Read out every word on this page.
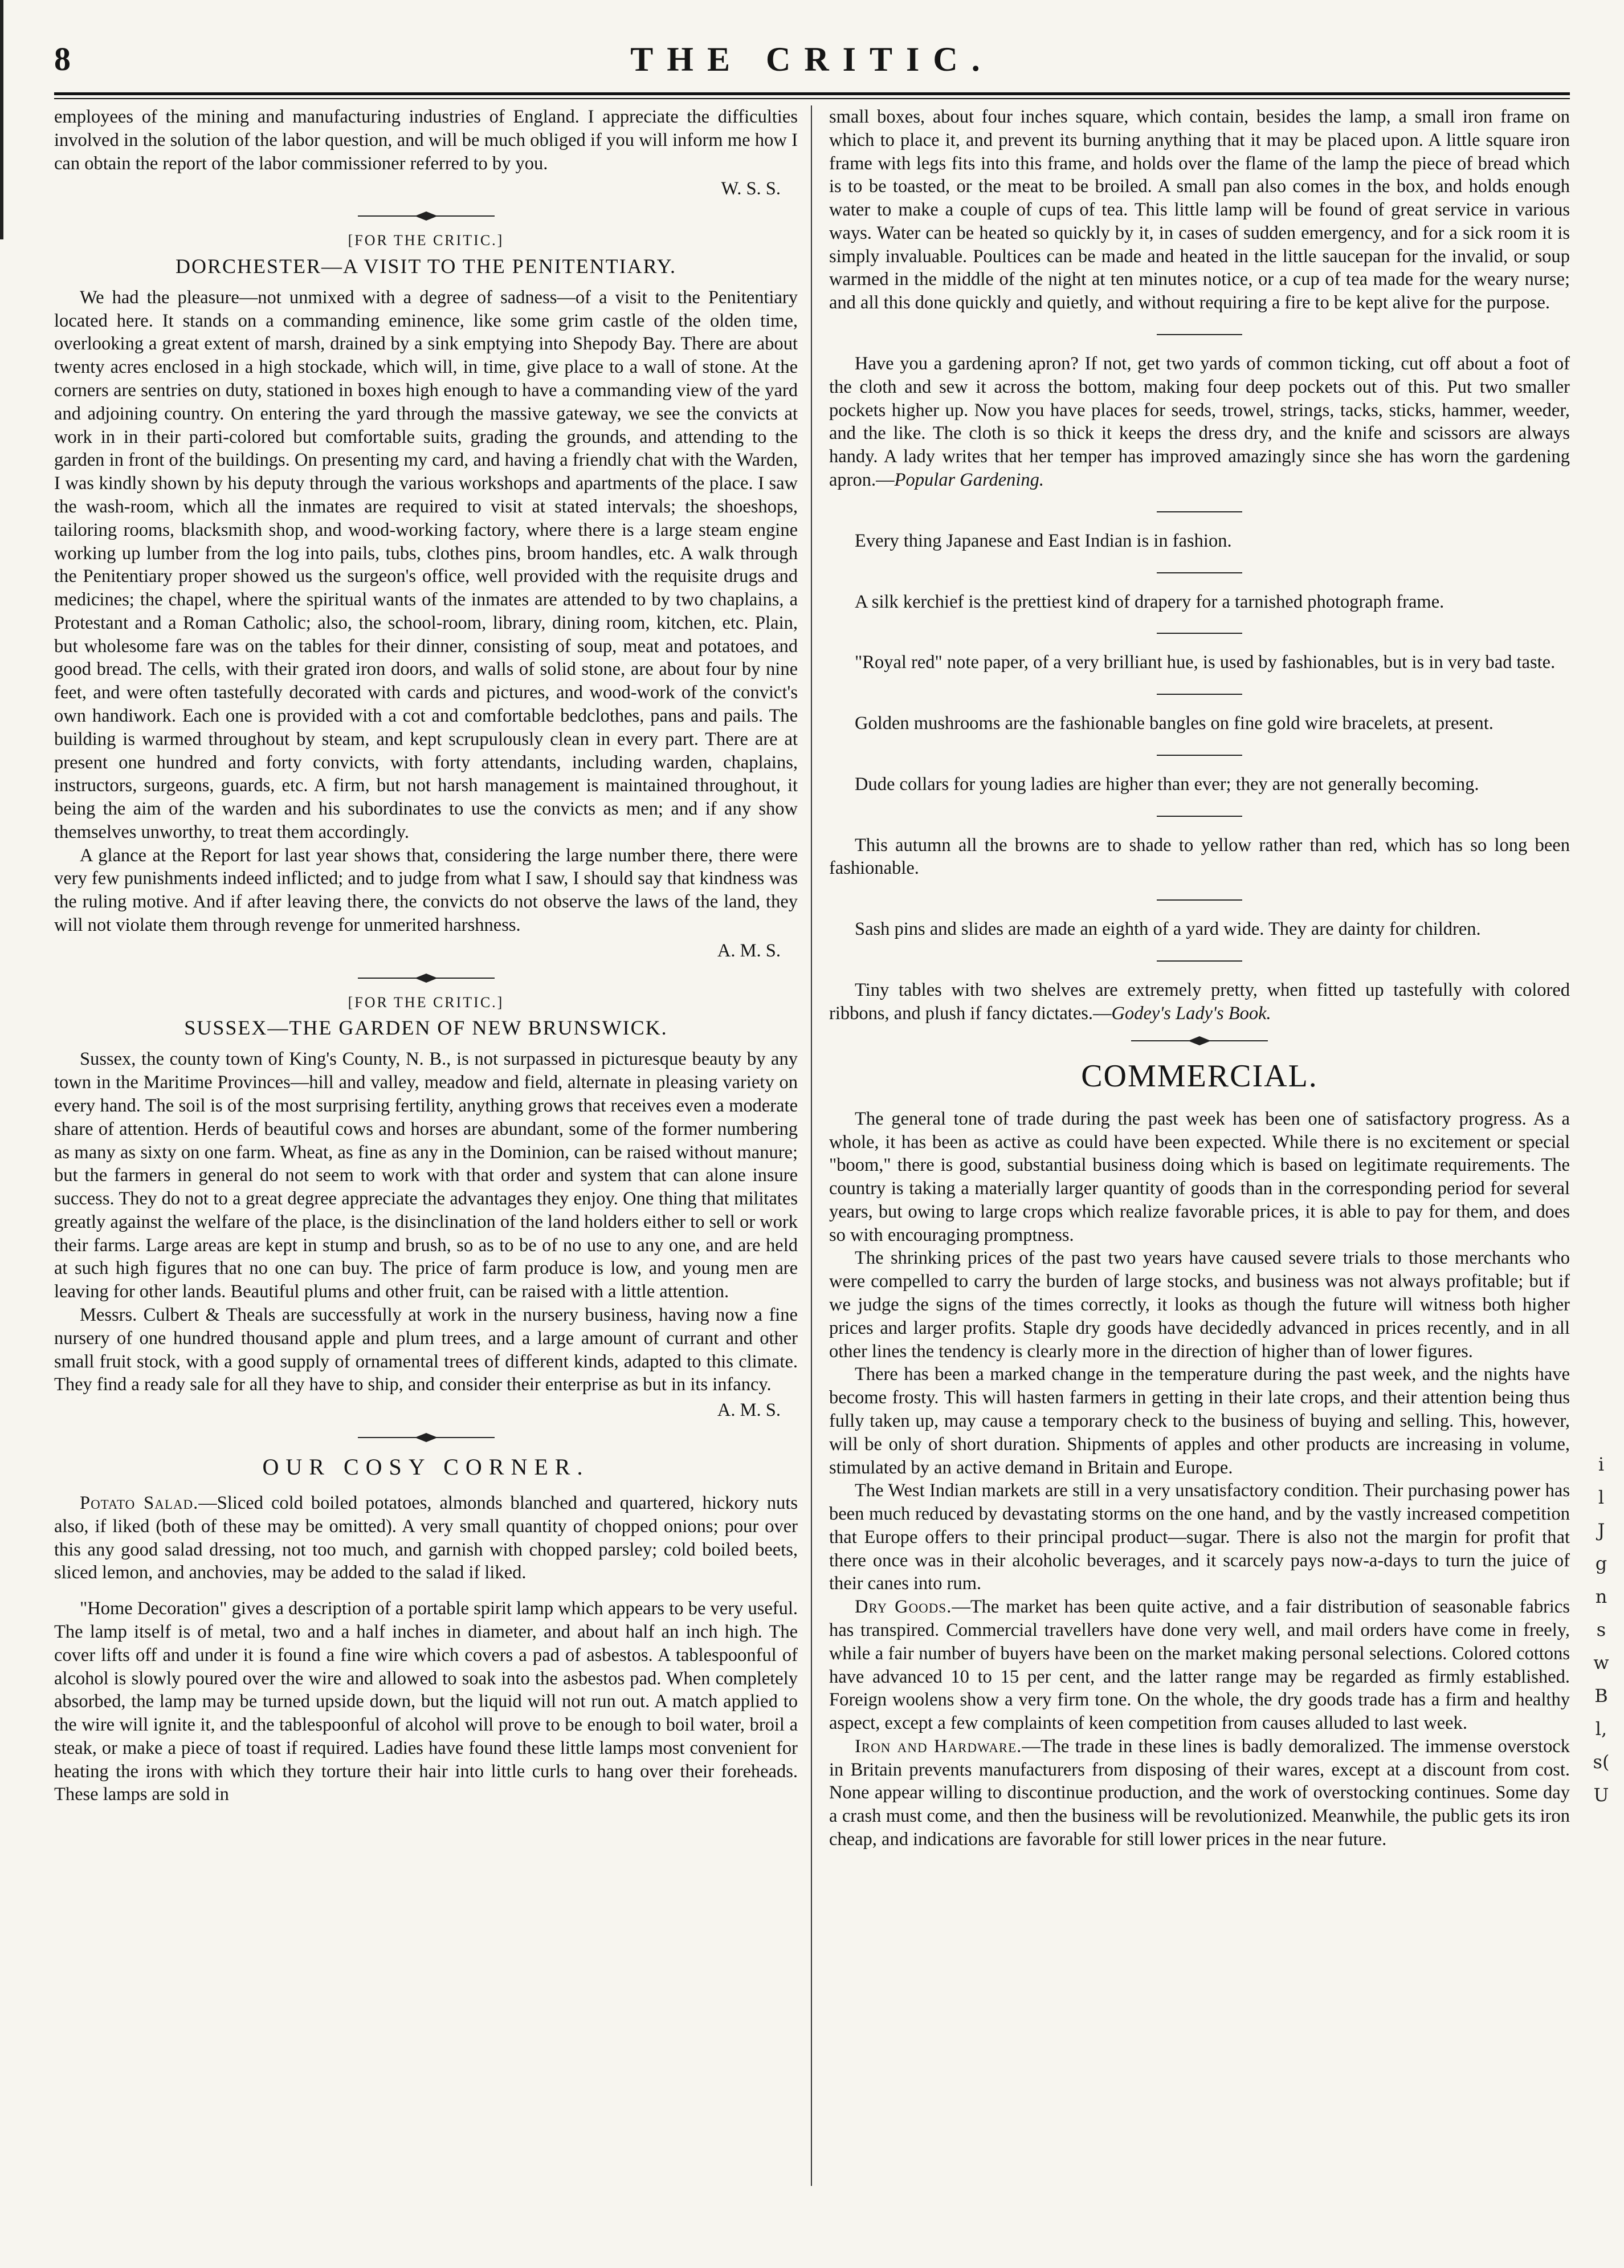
8	THE CRITIC.

employees of the mining and manufacturing industries of England. I appreciate the difficulties involved in the solution of the labor question, and will be much obliged if you will inform me how I can obtain the report of the labor commissioner referred to by you.

W. S. S.
[FOR THE CRITIC.]
DORCHESTER—A VISIT TO THE PENITENTIARY.

We had the pleasure—not unmixed with a degree of sadness—of a visit to the Penitentiary located here. It stands on a commanding eminence, like some grim castle of the olden time, overlooking a great extent of marsh, drained by a sink emptying into Shepody Bay. There are about twenty acres enclosed in a high stockade, which will, in time, give place to a wall of stone. At the corners are sentries on duty, stationed in boxes high enough to have a commanding view of the yard and adjoining country. On entering the yard through the massive gateway, we see the convicts at work in in their parti-colored but comfortable suits, grading the grounds, and attending to the garden in front of the buildings. On presenting my card, and having a friendly chat with the Warden, I was kindly shown by his deputy through the various workshops and apartments of the place. I saw the wash-room, which all the inmates are required to visit at stated intervals; the shoeshops, tailoring rooms, blacksmith shop, and wood-working factory, where there is a large steam engine working up lumber from the log into pails, tubs, clothes pins, broom handles, etc. A walk through the Penitentiary proper showed us the surgeon's office, well provided with the requisite drugs and medicines; the chapel, where the spiritual wants of the inmates are attended to by two chaplains, a Protestant and a Roman Catholic; also, the school-room, library, dining room, kitchen, etc. Plain, but wholesome fare was on the tables for their dinner, consisting of soup, meat and potatoes, and good bread. The cells, with their grated iron doors, and walls of solid stone, are about four by nine feet, and were often tastefully decorated with cards and pictures, and wood-work of the convict's own handiwork. Each one is provided with a cot and comfortable bedclothes, pans and pails. The building is warmed throughout by steam, and kept scrupulously clean in every part. There are at present one hundred and forty convicts, with forty attendants, including warden, chaplains, instructors, surgeons, guards, etc. A firm, but not harsh management is maintained throughout, it being the aim of the warden and his subordinates to use the convicts as men; and if any show themselves unworthy, to treat them accordingly.

A glance at the Report for last year shows that, considering the large number there, there were very few punishments indeed inflicted; and to judge from what I saw, I should say that kindness was the ruling motive. And if after leaving there, the convicts do not observe the laws of the land, they will not violate them through revenge for unmerited harshness.

A. M. S.
[FOR THE CRITIC.]
SUSSEX—THE GARDEN OF NEW BRUNSWICK.

Sussex, the county town of King's County, N. B., is not surpassed in picturesque beauty by any town in the Maritime Provinces—hill and valley, meadow and field, alternate in pleasing variety on every hand. The soil is of the most surprising fertility, anything grows that receives even a moderate share of attention. Herds of beautiful cows and horses are abundant, some of the former numbering as many as sixty on one farm. Wheat, as fine as any in the Dominion, can be raised without manure; but the farmers in general do not seem to work with that order and system that can alone insure success. They do not to a great degree appreciate the advantages they enjoy. One thing that militates greatly against the welfare of the place, is the disinclination of the land holders either to sell or work their farms. Large areas are kept in stump and brush, so as to be of no use to any one, and are held at such high figures that no one can buy. The price of farm produce is low, and young men are leaving for other lands. Beautiful plums and other fruit, can be raised with a little attention.

Messrs. Culbert & Theals are successfully at work in the nursery business, having now a fine nursery of one hundred thousand apple and plum trees, and a large amount of currant and other small fruit stock, with a good supply of ornamental trees of different kinds, adapted to this climate. They find a ready sale for all they have to ship, and consider their enterprise as but in its infancy.

A. M. S.
OUR COSY CORNER.

Potato Salad.—Sliced cold boiled potatoes, almonds blanched and quartered, hickory nuts also, if liked (both of these may be omitted). A very small quantity of chopped onions; pour over this any good salad dressing, not too much, and garnish with chopped parsley; cold boiled beets, sliced lemon, and anchovies, may be added to the salad if liked.

"Home Decoration" gives a description of a portable spirit lamp which appears to be very useful. The lamp itself is of metal, two and a half inches in diameter, and about half an inch high. The cover lifts off and under it is found a fine wire which covers a pad of asbestos. A tablespoonful of alcohol is slowly poured over the wire and allowed to soak into the asbestos pad. When completely absorbed, the lamp may be turned upside down, but the liquid will not run out. A match applied to the wire will ignite it, and the tablespoonful of alcohol will prove to be enough to boil water, broil a steak, or make a piece of toast if required. Ladies have found these little lamps most convenient for heating the irons with which they torture their hair into little curls to hang over their foreheads. These lamps are sold in

small boxes, about four inches square, which contain, besides the lamp, a small iron frame on which to place it, and prevent its burning anything that it may be placed upon. A little square iron frame with legs fits into this frame, and holds over the flame of the lamp the piece of bread which is to be toasted, or the meat to be broiled. A small pan also comes in the box, and holds enough water to make a couple of cups of tea. This little lamp will be found of great service in various ways. Water can be heated so quickly by it, in cases of sudden emergency, and for a sick room it is simply invaluable. Poultices can be made and heated in the little saucepan for the invalid, or soup warmed in the middle of the night at ten minutes notice, or a cup of tea made for the weary nurse; and all this done quickly and quietly, and without requiring a fire to be kept alive for the purpose.

Have you a gardening apron? If not, get two yards of common ticking, cut off about a foot of the cloth and sew it across the bottom, making four deep pockets out of this. Put two smaller pockets higher up. Now you have places for seeds, trowel, strings, tacks, sticks, hammer, weeder, and the like. The cloth is so thick it keeps the dress dry, and the knife and scissors are always handy. A lady writes that her temper has improved amazingly since she has worn the gardening apron.—Popular Gardening.

Every thing Japanese and East Indian is in fashion.

A silk kerchief is the prettiest kind of drapery for a tarnished photograph frame.

"Royal red" note paper, of a very brilliant hue, is used by fashionables, but is in very bad taste.

Golden mushrooms are the fashionable bangles on fine gold wire bracelets, at present.

Dude collars for young ladies are higher than ever; they are not generally becoming.

This autumn all the browns are to shade to yellow rather than red, which has so long been fashionable.

Sash pins and slides are made an eighth of a yard wide. They are dainty for children.

Tiny tables with two shelves are extremely pretty, when fitted up tastefully with colored ribbons, and plush if fancy dictates.—Godey's Lady's Book.

COMMERCIAL.

The general tone of trade during the past week has been one of satisfactory progress. As a whole, it has been as active as could have been expected. While there is no excitement or special "boom," there is good, substantial business doing which is based on legitimate requirements. The country is taking a materially larger quantity of goods than in the corresponding period for several years, but owing to large crops which realize favorable prices, it is able to pay for them, and does so with encouraging promptness.

The shrinking prices of the past two years have caused severe trials to those merchants who were compelled to carry the burden of large stocks, and business was not always profitable; but if we judge the signs of the times correctly, it looks as though the future will witness both higher prices and larger profits. Staple dry goods have decidedly advanced in prices recently, and in all other lines the tendency is clearly more in the direction of higher than of lower figures.

There has been a marked change in the temperature during the past week, and the nights have become frosty. This will hasten farmers in getting in their late crops, and their attention being thus fully taken up, may cause a temporary check to the business of buying and selling. This, however, will be only of short duration. Shipments of apples and other products are increasing in volume, stimulated by an active demand in Britain and Europe.

The West Indian markets are still in a very unsatisfactory condition. Their purchasing power has been much reduced by devastating storms on the one hand, and by the vastly increased competition that Europe offers to their principal product—sugar. There is also not the margin for profit that there once was in their alcoholic beverages, and it scarcely pays now-a-days to turn the juice of their canes into rum.

Dry Goods.—The market has been quite active, and a fair distribution of seasonable fabrics has transpired. Commercial travellers have done very well, and mail orders have come in freely, while a fair number of buyers have been on the market making personal selections. Colored cottons have advanced 10 to 15 per cent, and the latter range may be regarded as firmly established. Foreign woolens show a very firm tone. On the whole, the dry goods trade has a firm and healthy aspect, except a few complaints of keen competition from causes alluded to last week.

Iron and Hardware.—The trade in these lines is badly demoralized. The immense overstock in Britain prevents manufacturers from disposing of their wares, except at a discount from cost. None appear willing to discontinue production, and the work of overstocking continues. Some day a crash must come, and then the business will be revolutionized. Meanwhile, the public gets its iron cheap, and indications are favorable for still lower prices in the near future.

i
l
J
g
n
s
w
B
l,
s(
U
